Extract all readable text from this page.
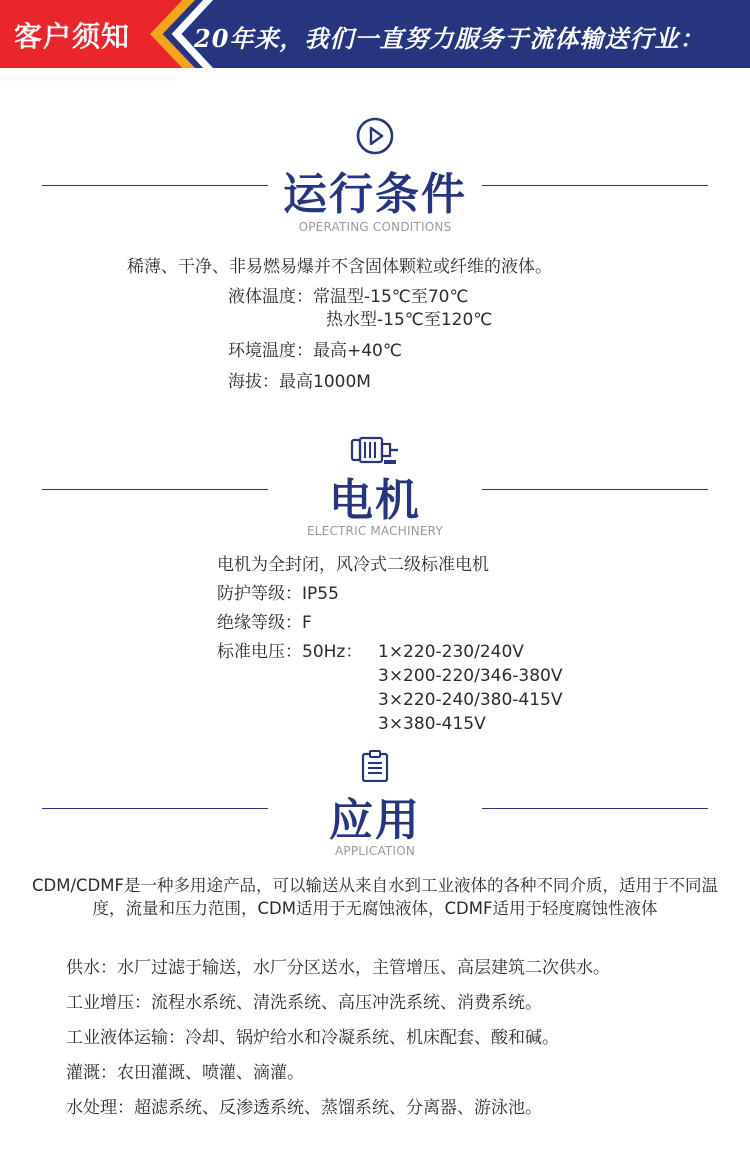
客户须知	20年来，我们一直努力服务于流体输送行业：
运行条件
OPERATING CONDITIONS
稀薄、干净、非易燃易爆并不含固体颗粒或纤维的液体。
液体温度：常温型-15℃至70℃
热水型-15℃至120℃
环境温度：最高+40℃
海拔：最高1000M
电机
ELECTRIC MACHINERY
电机为全封闭，风冷式二级标准电机
防护等级：IP55
绝缘等级：F
标准电压：50Hz： 1×220-230/240V
3×200-220/346-380V
3×220-240/380-415V
3×380-415V
应用
APPLICATION
CDM/CDMF是一种多用途产品，可以输送从来自水到工业液体的各种不同介质，适用于不同温度，流量和压力范围，CDM适用于无腐蚀液体，CDMF适用于轻度腐蚀性液体
供水：水厂过滤于输送，水厂分区送水，主管增压、高层建筑二次供水。
工业增压：流程水系统、清洗系统、高压冲洗系统、消费系统。
工业液体运输：冷却、锅炉给水和冷凝系统、机床配套、酸和碱。
灌溉：农田灌溉、喷灌、滴灌。
水处理：超滤系统、反渗透系统、蒸馏系统、分离器、游泳池。
